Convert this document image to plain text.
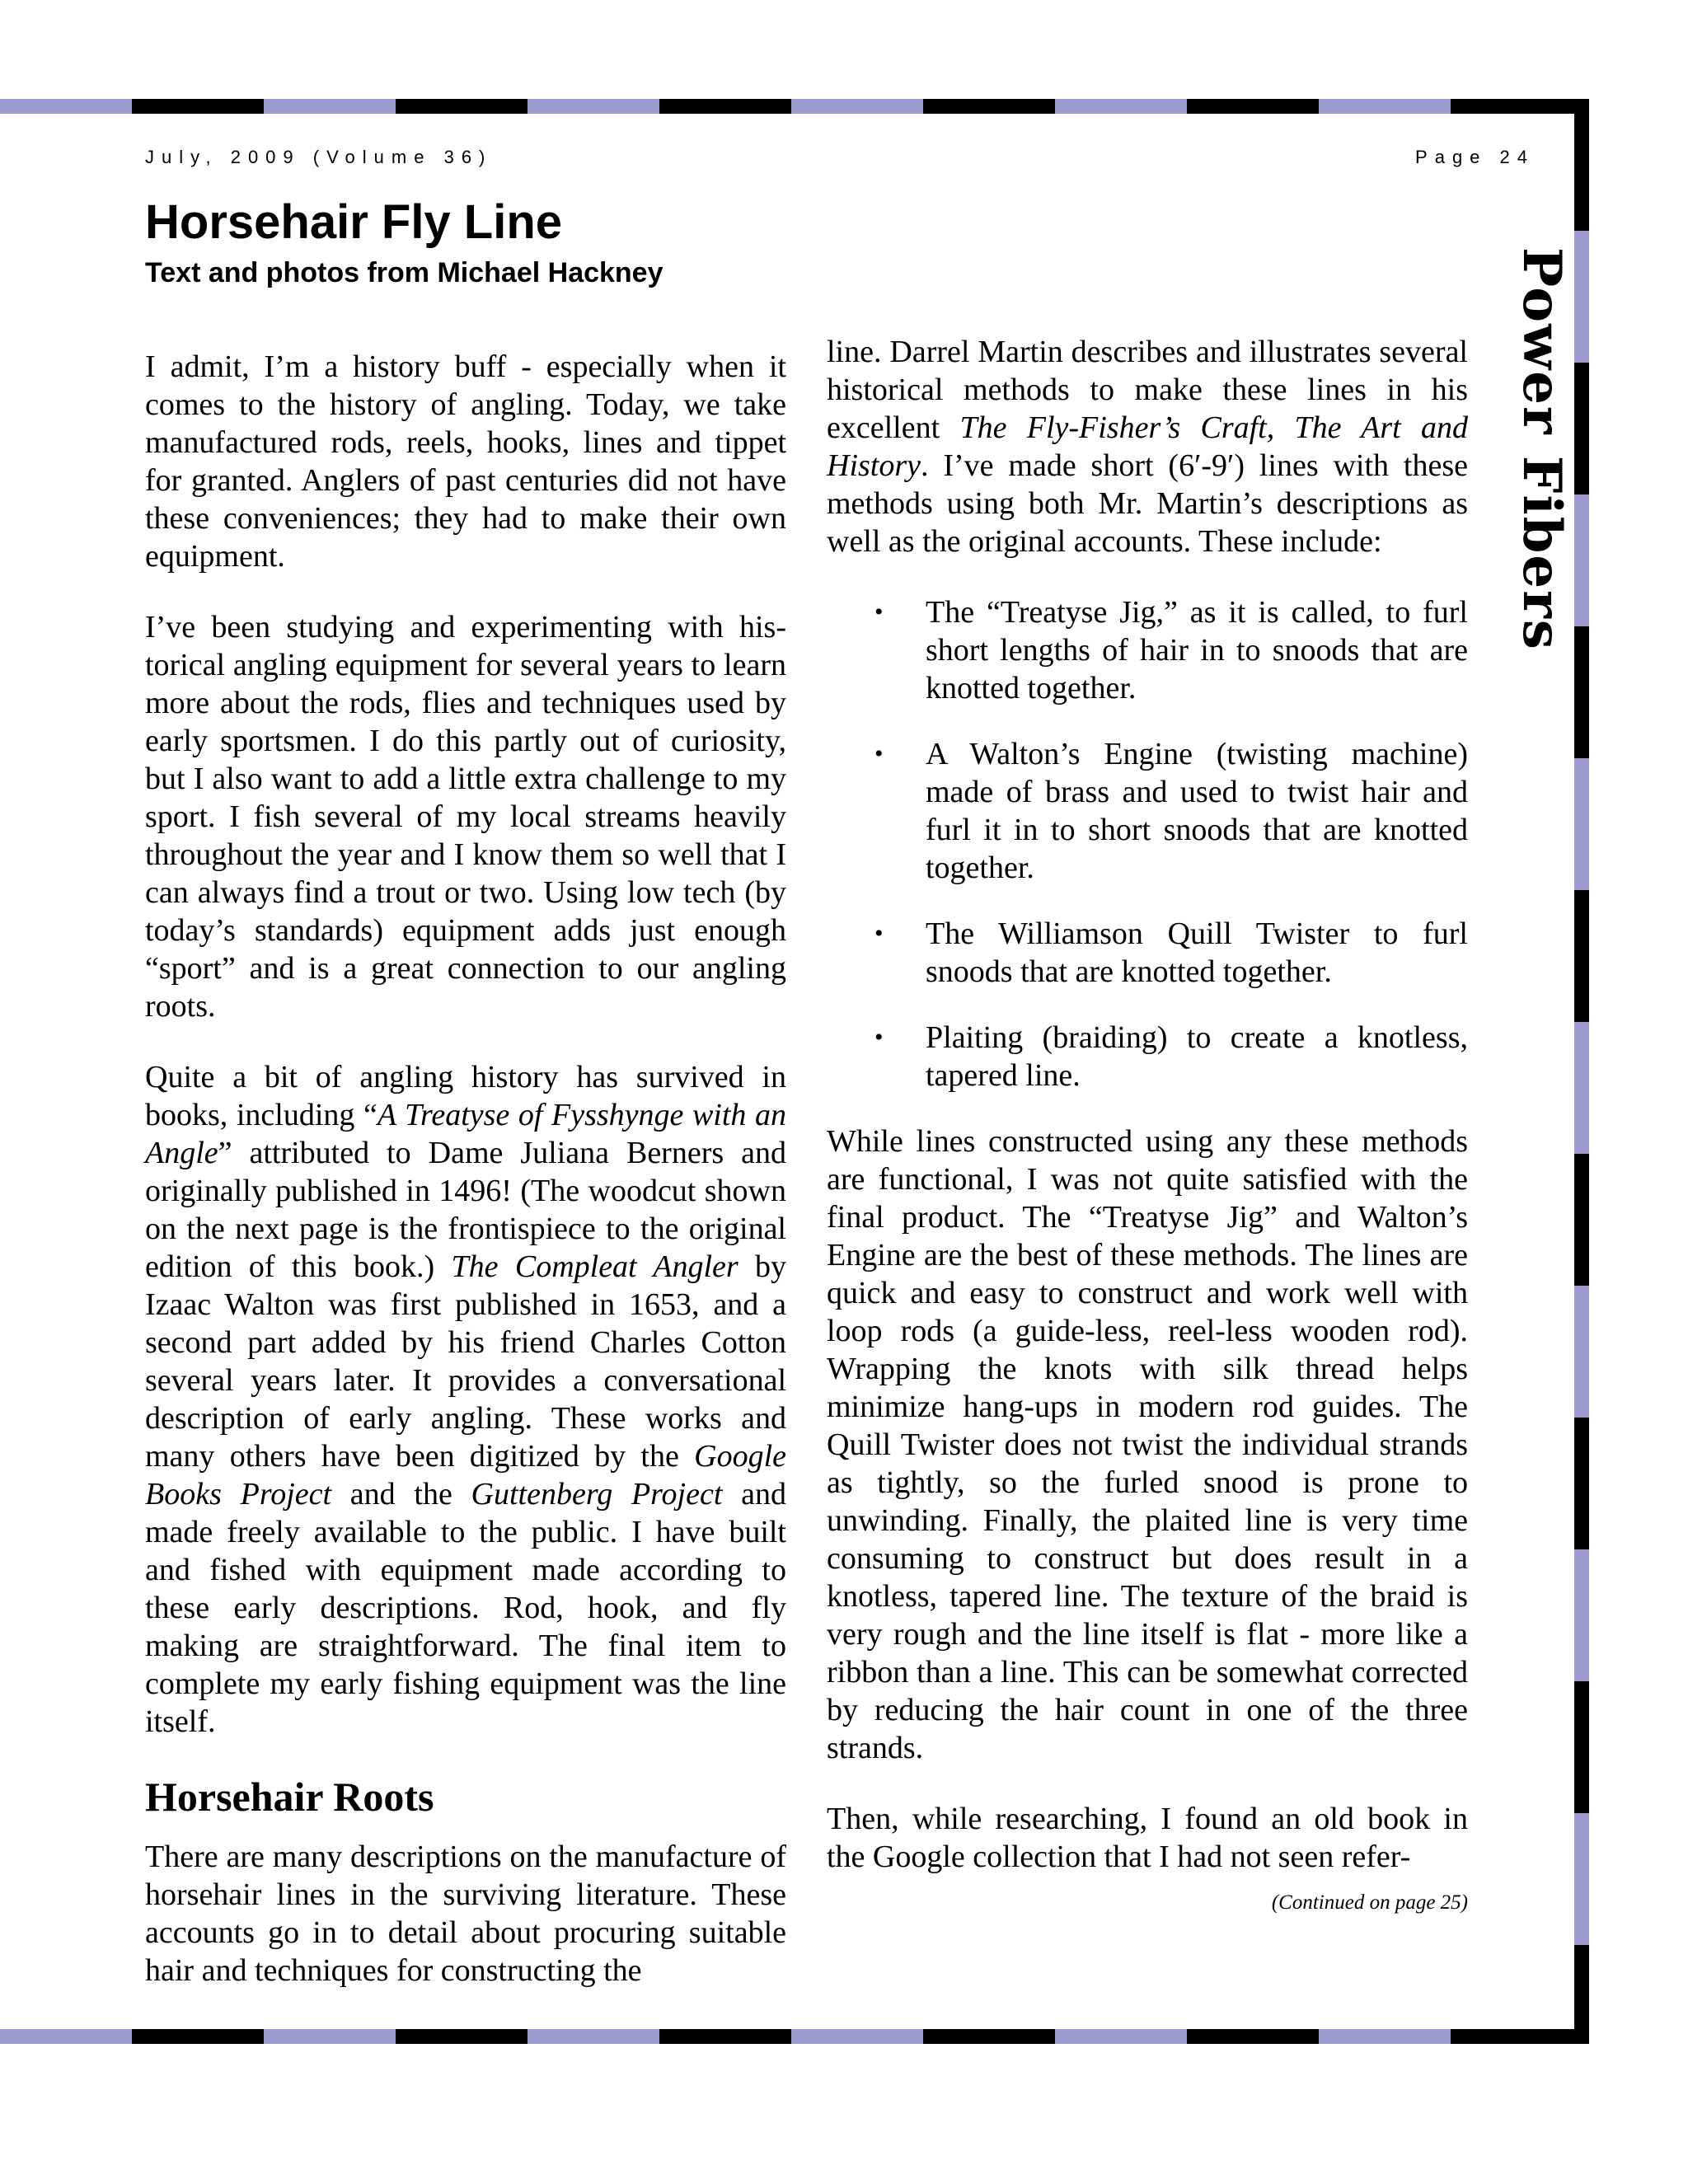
July, 2009 (Volume 36)	Page 24
Horsehair Fly Line
Text and photos from Michael Hackney	Power Fibers

I admit, I’m a history buff - especially when it comes to the history of angling. Today, we take manufactured rods, reels, hooks, lines and tippet for granted. Anglers of past centuries did not have these conveniences; they had to make their own equipment.

I’ve been studying and experimenting with historical angling equipment for several years to learn more about the rods, flies and techniques used by early sportsmen. I do this partly out of curiosity, but I also want to add a little extra challenge to my sport. I fish several of my local streams heavily throughout the year and I know them so well that I can always find a trout or two. Using low tech (by today’s standards) equipment adds just enough “sport” and is a great connection to our angling roots.

Quite a bit of angling history has survived in books, including “A Treatyse of Fysshynge with an Angle” attributed to Dame Juliana Berners and originally published in 1496! (The woodcut shown on the next page is the frontispiece to the original edition of this book.) The Compleat Angler by Izaac Walton was first published in 1653, and a second part added by his friend Charles Cotton several years later. It provides a conversational description of early angling. These works and many others have been digitized by the Google Books Project and the Guttenberg Project and made freely available to the public. I have built and fished with equipment made according to these early descriptions. Rod, hook, and fly making are straightforward. The final item to complete my early fishing equipment was the line itself.

Horsehair Roots

There are many descriptions on the manufacture of horsehair lines in the surviving literature. These accounts go in to detail about procuring suitable hair and techniques for constructing the

line. Darrel Martin describes and illustrates several historical methods to make these lines in his excellent The Fly-Fisher’s Craft, The Art and History. I’ve made short (6′-9′) lines with these methods using both Mr. Martin’s descriptions as well as the original accounts. These include:

• The “Treatyse Jig,” as it is called, to furl short lengths of hair in to snoods that are knotted together.
• A Walton’s Engine (twisting machine) made of brass and used to twist hair and furl it in to short snoods that are knotted together.
• The Williamson Quill Twister to furl snoods that are knotted together.
• Plaiting (braiding) to create a knotless, tapered line.

While lines constructed using any these methods are functional, I was not quite satisfied with the final product. The “Treatyse Jig” and Walton’s Engine are the best of these methods. The lines are quick and easy to construct and work well with loop rods (a guide-less, reel-less wooden rod). Wrapping the knots with silk thread helps minimize hang-ups in modern rod guides. The Quill Twister does not twist the individual strands as tightly, so the furled snood is prone to unwinding. Finally, the plaited line is very time consuming to construct but does result in a knotless, tapered line. The texture of the braid is very rough and the line itself is flat - more like a ribbon than a line. This can be somewhat corrected by reducing the hair count in one of the three strands.

Then, while researching, I found an old book in the Google collection that I had not seen refer-

(Continued on page 25)
